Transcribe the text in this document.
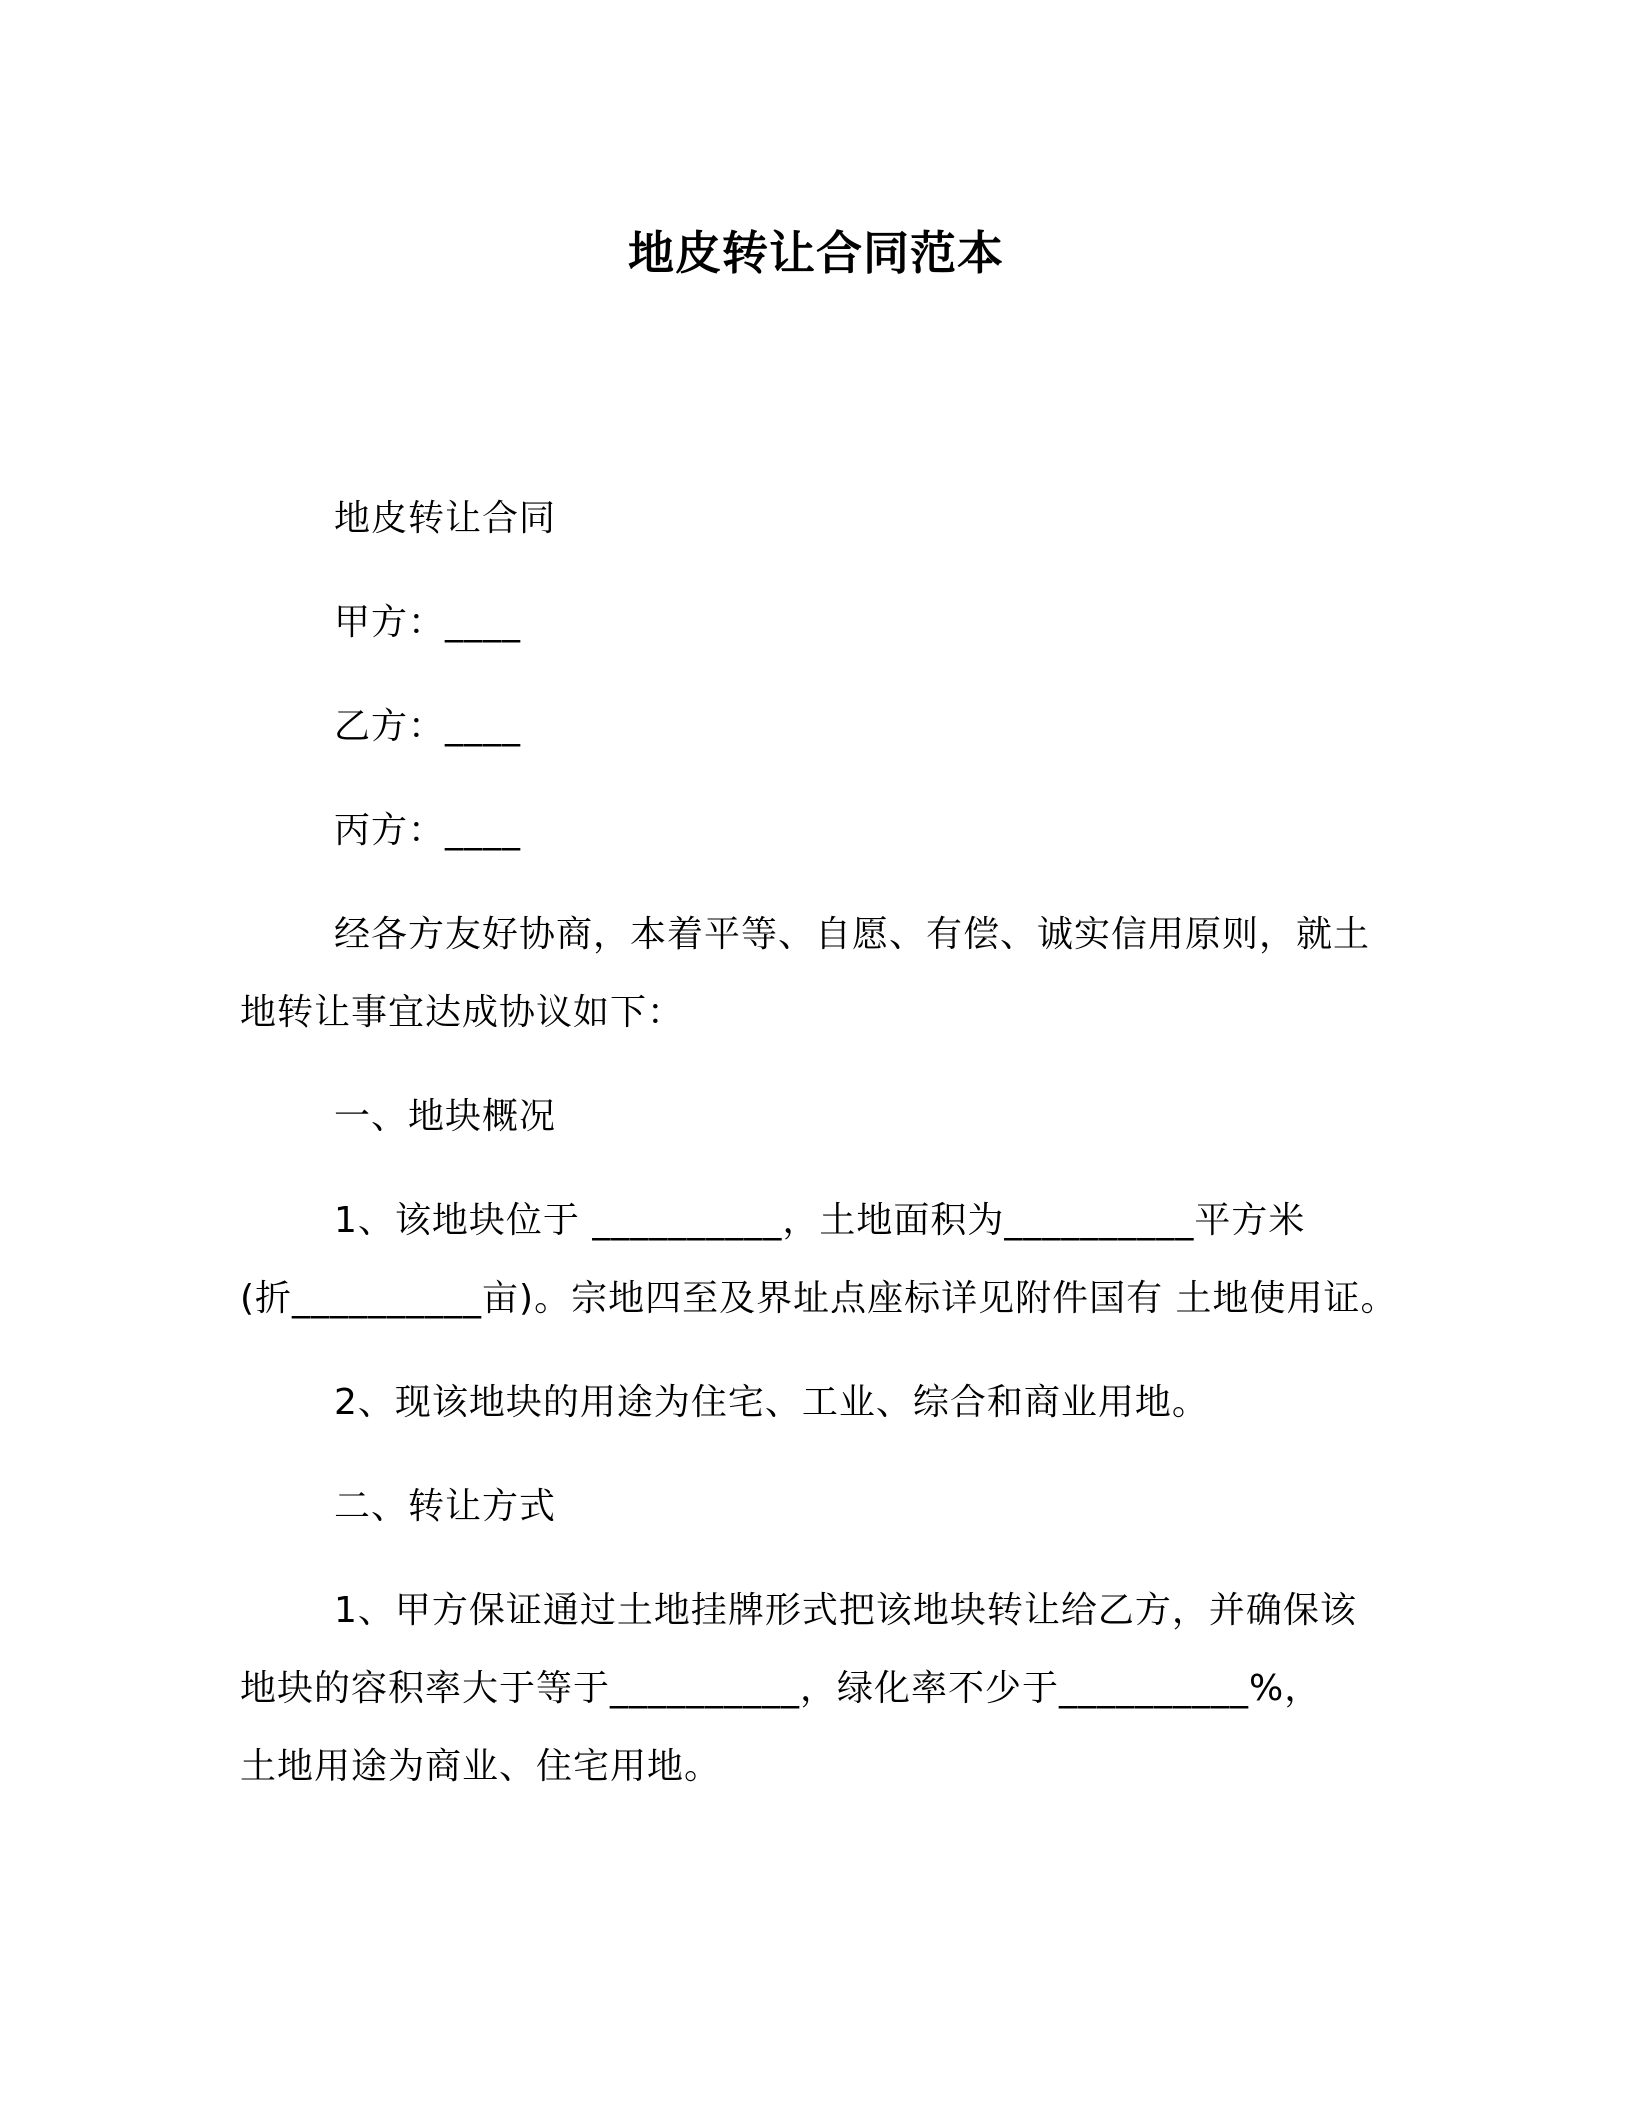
地皮转让合同范本
地皮转让合同
甲方：____
乙方：____
丙方：____
经各方友好协商，本着平等、自愿、有偿、诚实信用原则，就土
地转让事宜达成协议如下：
一、地块概况
1、该地块位于 __________，土地面积为__________平方米
(折__________亩)。宗地四至及界址点座标详见附件国有 土地使用证。
2、现该地块的用途为住宅、工业、综合和商业用地。
二、转让方式
1、甲方保证通过土地挂牌形式把该地块转让给乙方，并确保该
地块的容积率大于等于__________，绿化率不少于__________%，
土地用途为商业、住宅用地。
